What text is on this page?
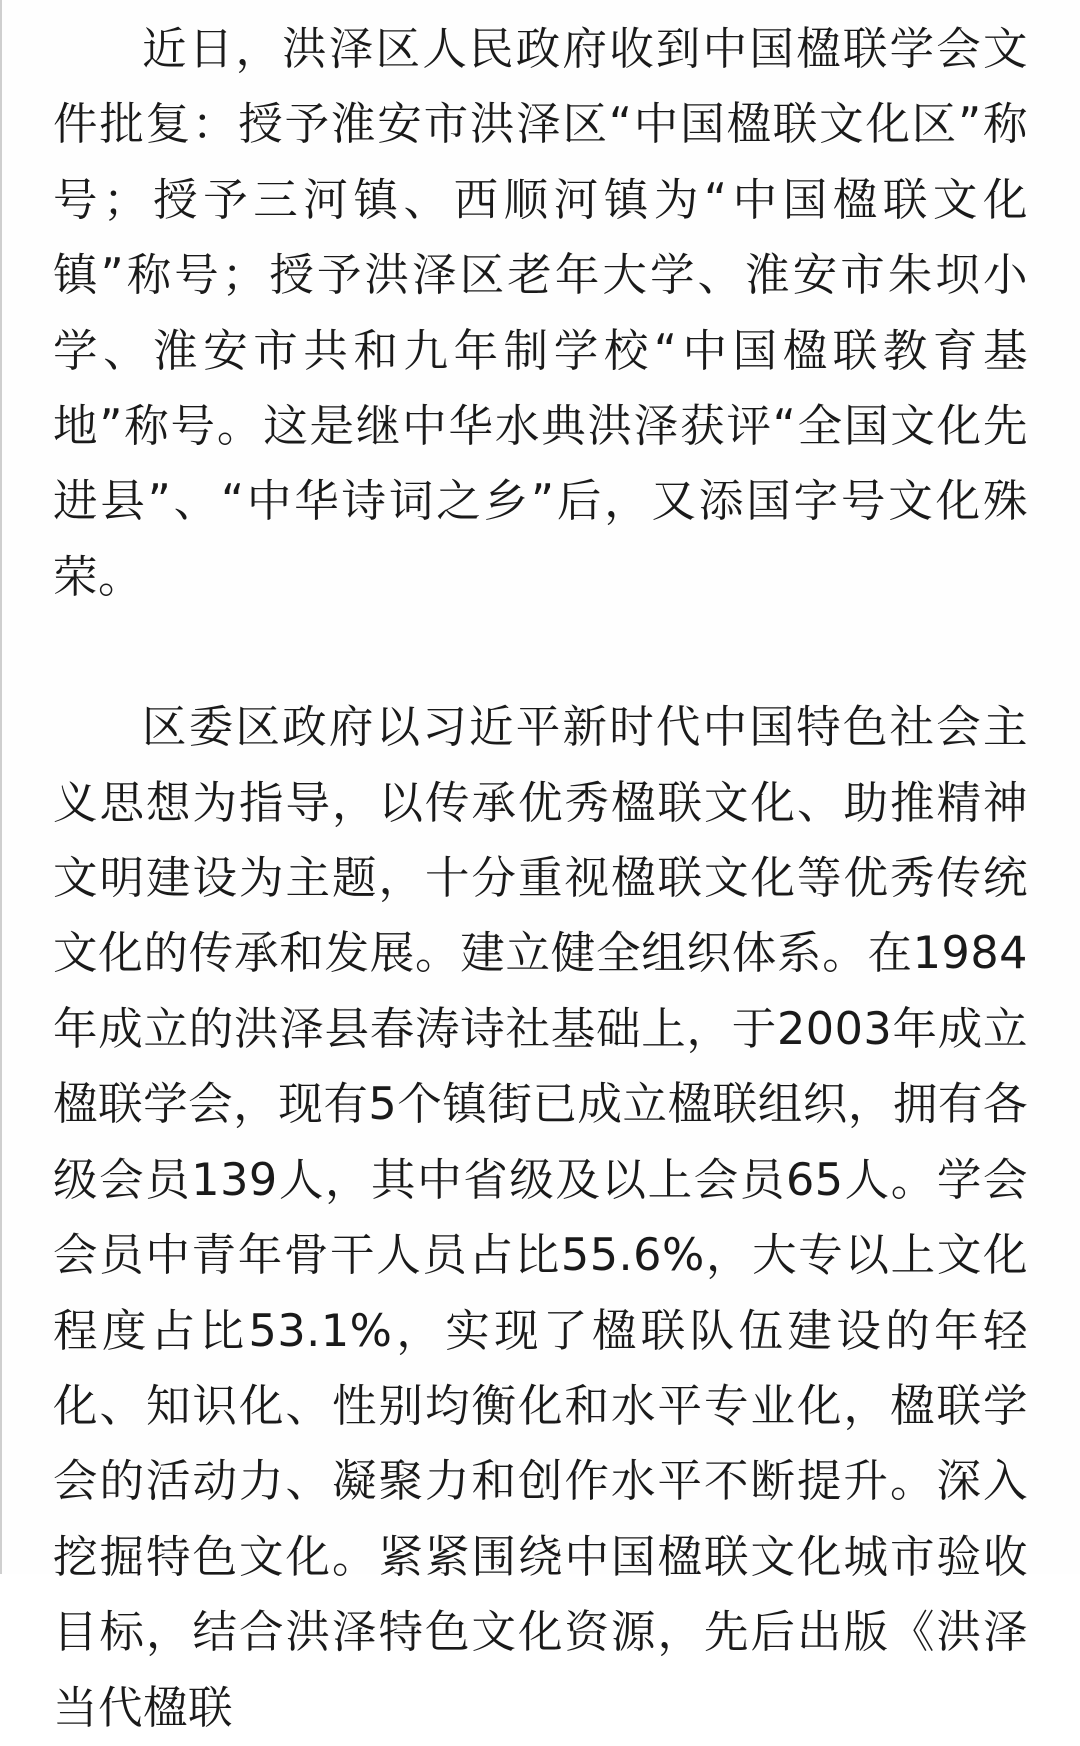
近日，洪泽区人民政府收到中国楹联学会文件批复：授予淮安市洪泽区“中国楹联文化区”称号；授予三河镇、西顺河镇为“中国楹联文化镇”称号；授予洪泽区老年大学、淮安市朱坝小学、淮安市共和九年制学校“中国楹联教育基地”称号。这是继中华水典洪泽获评“全国文化先进县”、“中华诗词之乡”后，又添国字号文化殊荣。

区委区政府以习近平新时代中国特色社会主义思想为指导，以传承优秀楹联文化、助推精神文明建设为主题，十分重视楹联文化等优秀传统文化的传承和发展。建立健全组织体系。在1984年成立的洪泽县春涛诗社基础上，于2003年成立楹联学会，现有5个镇街已成立楹联组织，拥有各级会员139人，其中省级及以上会员65人。学会会员中青年骨干人员占比55.6%，大专以上文化程度占比53.1%，实现了楹联队伍建设的年轻化、知识化、性别均衡化和水平专业化，楹联学会的活动力、凝聚力和创作水平不断提升。深入挖掘特色文化。紧紧围绕中国楹联文化城市验收目标，结合洪泽特色文化资源，先后出版《洪泽当代楹联
